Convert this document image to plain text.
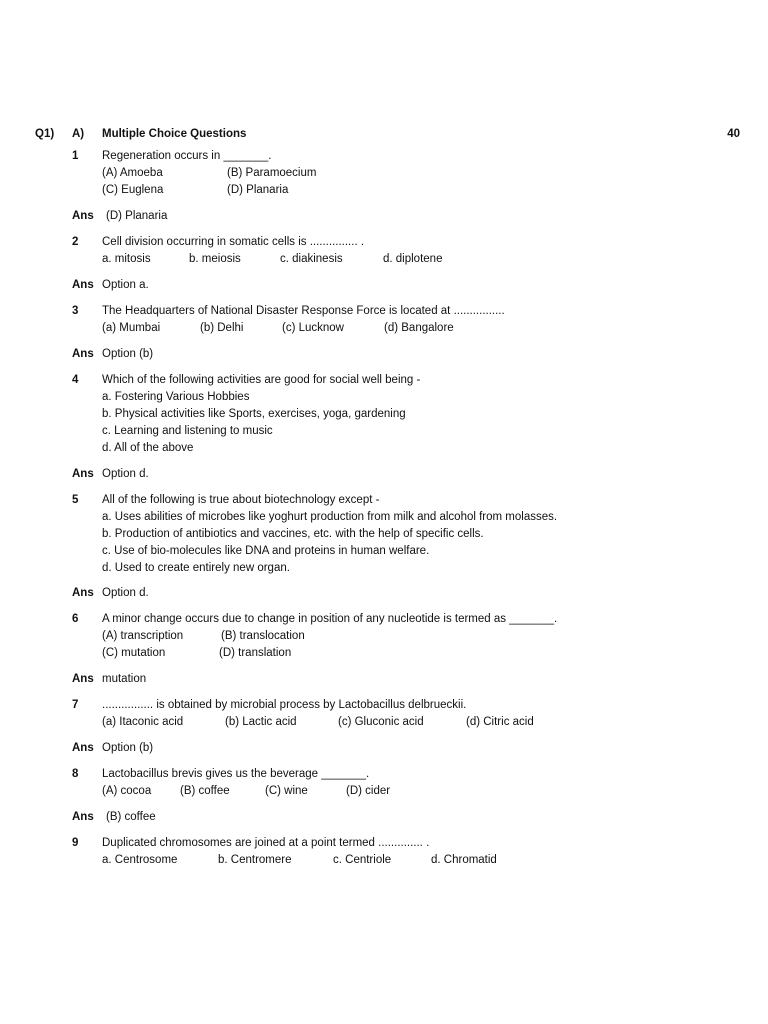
Q1) A) Multiple Choice Questions	40
1 Regeneration occurs in _______.
(A) Amoeba	(B) Paramoecium
(C) Euglena	(D) Planaria
Ans (D) Planaria
2 Cell division occurring in somatic cells is ............... .
a. mitosis	b. meiosis	c. diakinesis	d. diplotene
Ans Option a.
3 The Headquarters of National Disaster Response Force is located at ................
(a) Mumbai	(b) Delhi	(c) Lucknow	(d) Bangalore
Ans Option (b)
4 Which of the following activities are good for social well being -
a. Fostering Various Hobbies
b. Physical activities like Sports, exercises, yoga, gardening
c. Learning and listening to music
d. All of the above
Ans Option d.
5 All of the following is true about biotechnology except -
a. Uses abilities of microbes like yoghurt production from milk and alcohol from molasses.
b. Production of antibiotics and vaccines, etc. with the help of specific cells.
c. Use of bio-molecules like DNA and proteins in human welfare.
d. Used to create entirely new organ.
Ans Option d.
6 A minor change occurs due to change in position of any nucleotide is termed as _______.
(A) transcription	(B) translocation
(C) mutation	(D) translation
Ans mutation
7 ................ is obtained by microbial process by Lactobacillus delbrueckii.
(a) Itaconic acid	(b) Lactic acid	(c) Gluconic acid	(d) Citric acid
Ans Option (b)
8 Lactobacillus brevis gives us the beverage _______.
(A) cocoa	(B) coffee	(C) wine	(D) cider
Ans (B) coffee
9 Duplicated chromosomes are joined at a point termed .............. .
a. Centrosome	b. Centromere	c. Centriole	d. Chromatid
